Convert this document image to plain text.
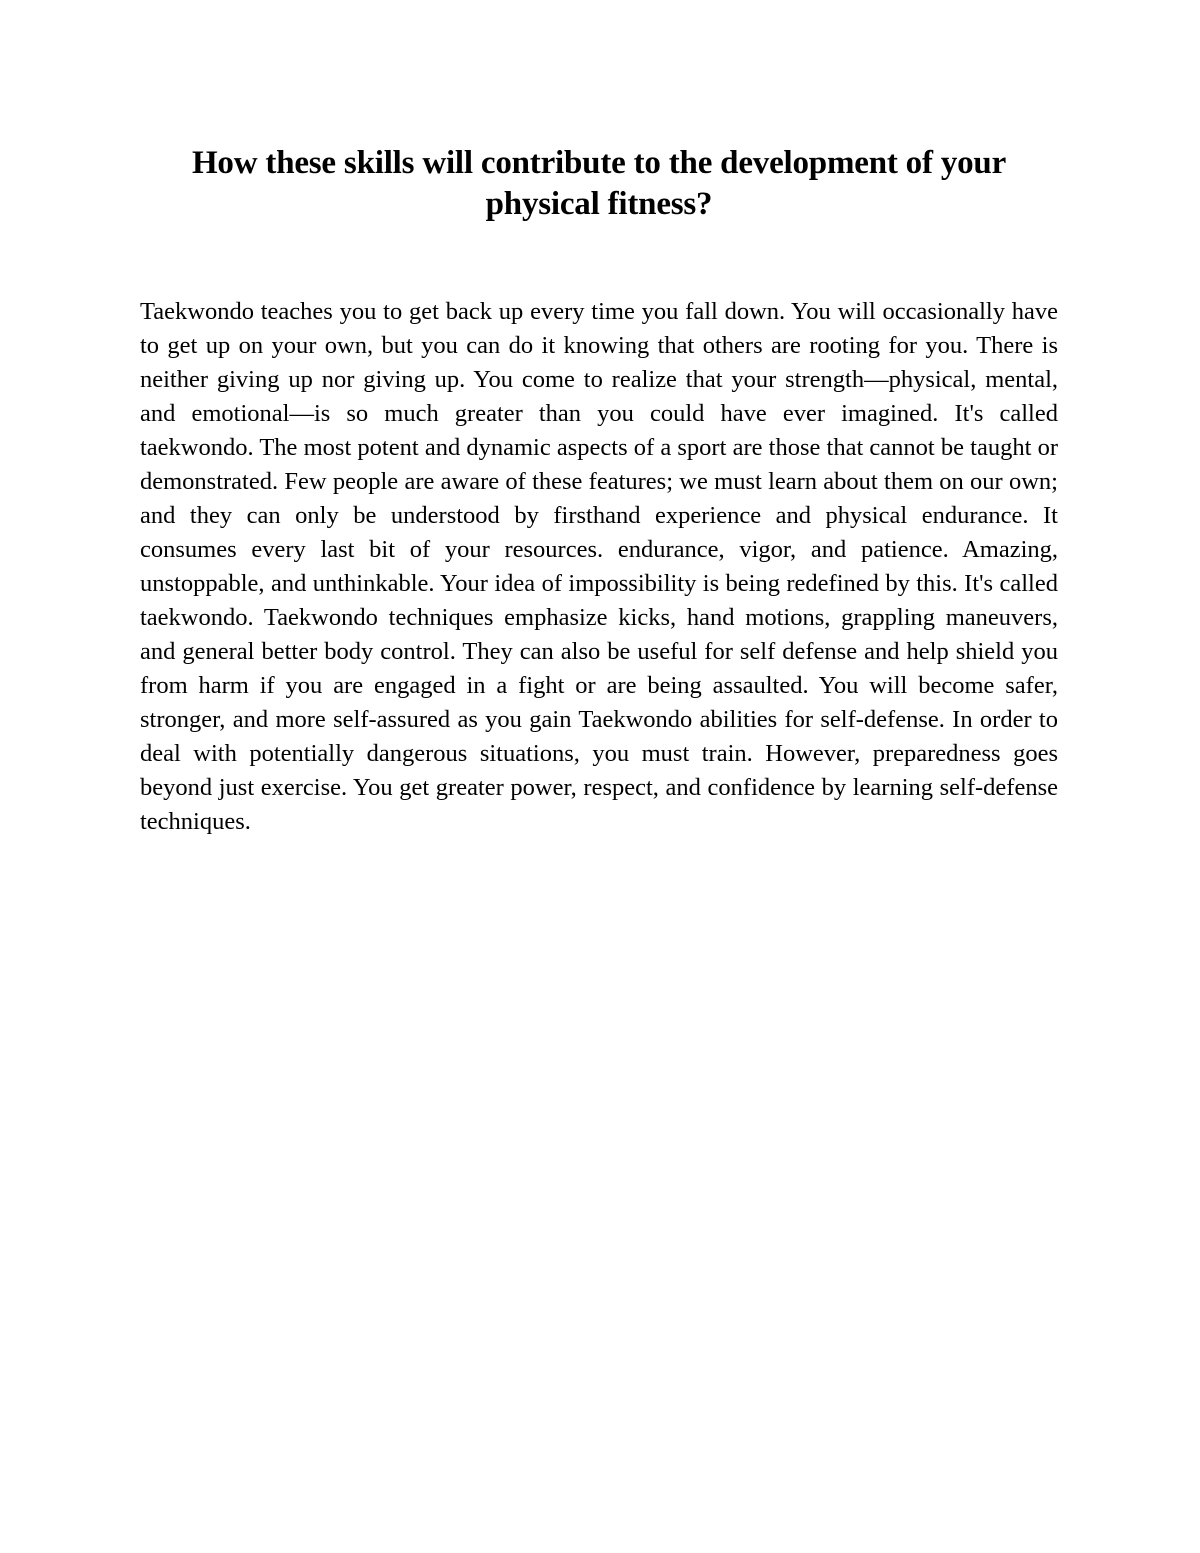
How these skills will contribute to the development of your physical fitness?

Taekwondo teaches you to get back up every time you fall down. You will occasionally have to get up on your own, but you can do it knowing that others are rooting for you. There is neither giving up nor giving up. You come to realize that your strength—physical, mental, and emotional—is so much greater than you could have ever imagined. It's called taekwondo. The most potent and dynamic aspects of a sport are those that cannot be taught or demonstrated. Few people are aware of these features; we must learn about them on our own; and they can only be understood by firsthand experience and physical endurance. It consumes every last bit of your resources. endurance, vigor, and patience. Amazing, unstoppable, and unthinkable. Your idea of impossibility is being redefined by this. It's called taekwondo. Taekwondo techniques emphasize kicks, hand motions, grappling maneuvers, and general better body control. They can also be useful for self defense and help shield you from harm if you are engaged in a fight or are being assaulted. You will become safer, stronger, and more self-assured as you gain Taekwondo abilities for self-defense. In order to deal with potentially dangerous situations, you must train. However, preparedness goes beyond just exercise. You get greater power, respect, and confidence by learning self-defense techniques.
